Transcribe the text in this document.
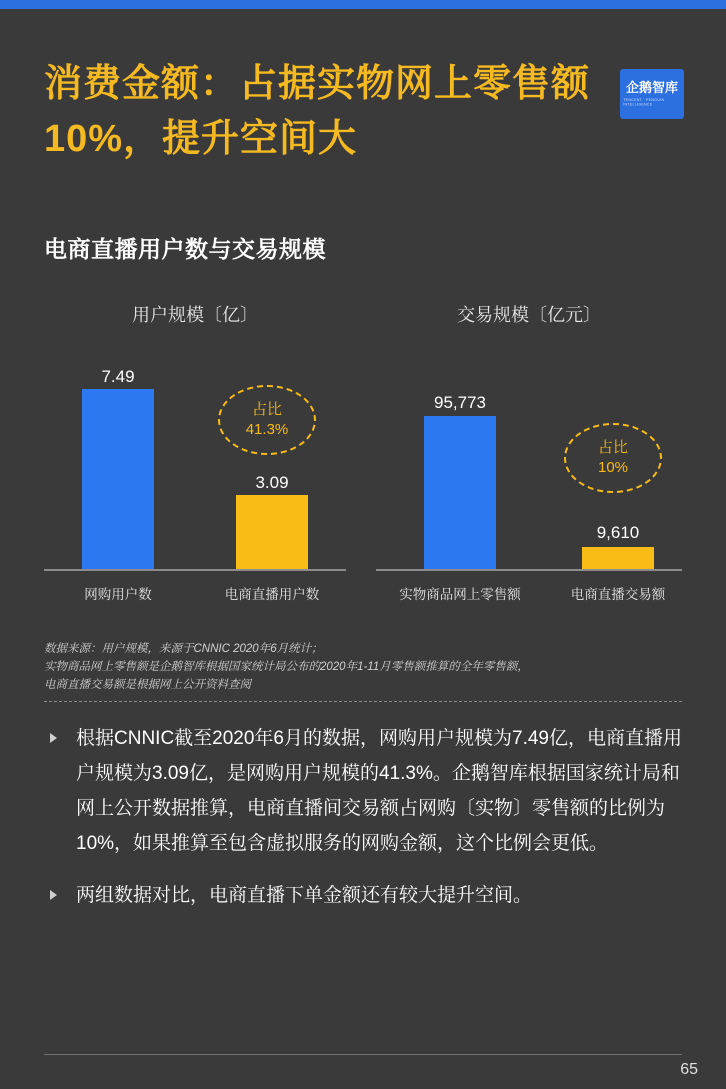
消费金额：占据实物网上零售额10%，提升空间大
企鹅智库
TENCENT · PENGUIN INTELLIGENCE
电商直播用户数与交易规模
用户规模〔亿〕
7.49
网购用户数
3.09
电商直播用户数
占比
41.3%
交易规模〔亿元〕
95,773
实物商品网上零售额
9,610
电商直播交易额
占比
10%
数据来源：用户规模，来源于CNNIC 2020年6月统计；
实物商品网上零售额是企鹅智库根据国家统计局公布的2020年1-11月零售额推算的全年零售额，
电商直播交易额是根据网上公开资料查阅
根据CNNIC截至2020年6月的数据，网购用户规模为7.49亿，电商直播用户规模为3.09亿，是网购用户规模的41.3%。企鹅智库根据国家统计局和网上公开数据推算，电商直播间交易额占网购〔实物〕零售额的比例为10%，如果推算至包含虚拟服务的网购金额，这个比例会更低。
两组数据对比，电商直播下单金额还有较大提升空间。
65
